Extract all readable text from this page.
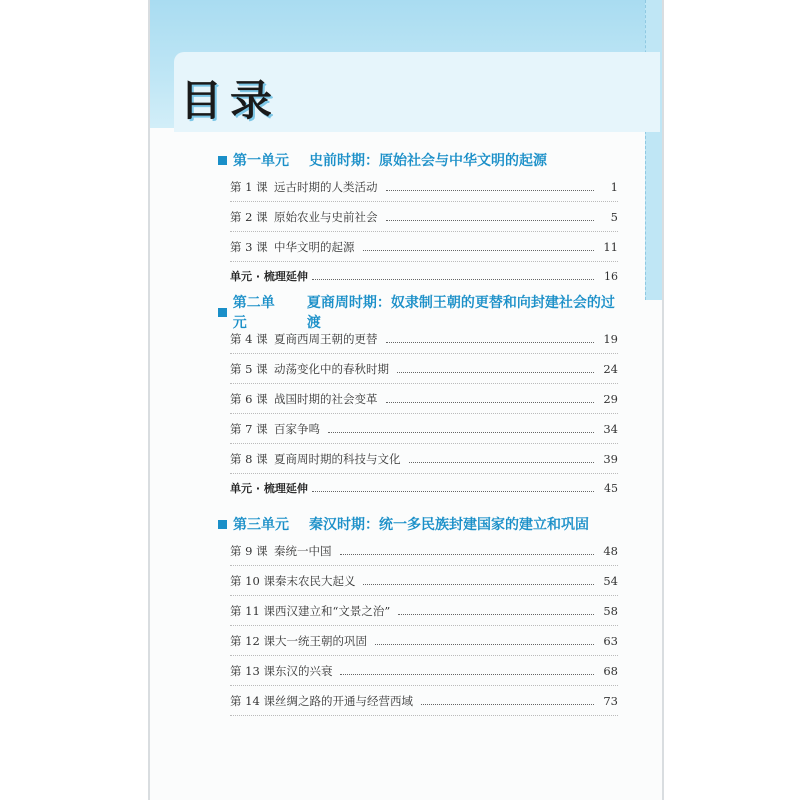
目录
第一单元 史前时期：原始社会与中华文明的起源
第 1 课 远古时期的人类活动	1
第 2 课 原始农业与史前社会	5
第 3 课 中华文明的起源	11
单元 · 梳理延伸	16
第二单元
夏商周时期：奴隶制王朝的更替和向封建社会的过渡
第 4 课 夏商西周王朝的更替	19
第 5 课 动荡变化中的春秋时期	24
第 6 课 战国时期的社会变革	29
第 7 课 百家争鸣	34
第 8 课 夏商周时期的科技与文化	39
单元 · 梳理延伸	45
第三单元 秦汉时期：统一多民族封建国家的建立和巩固
第 9 课 秦统一中国	48
第 10 课 秦末农民大起义	54
第 11 课 西汉建立和“文景之治”	58
第 12 课 大一统王朝的巩固	63
第 13 课 东汉的兴衰	68
第 14 课 丝绸之路的开通与经营西域	73
